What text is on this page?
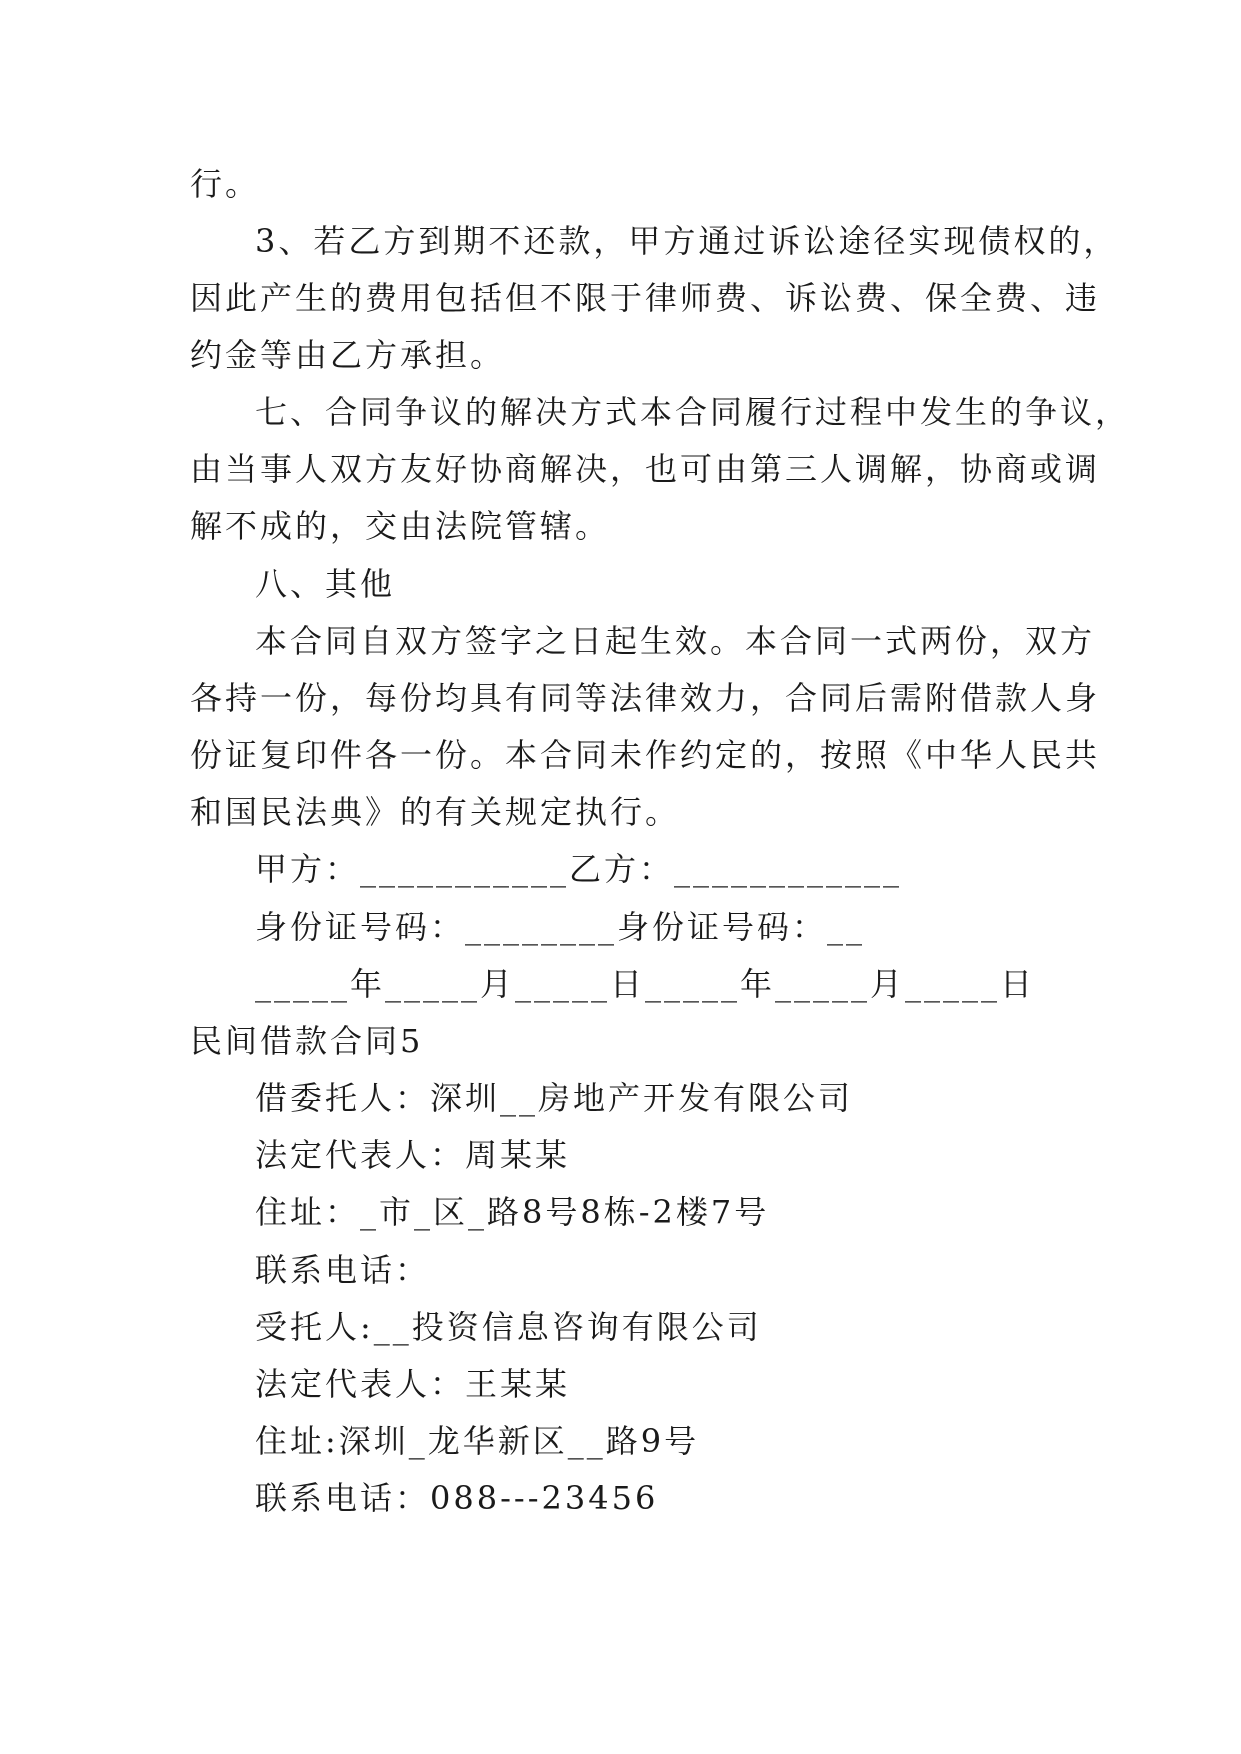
行。
3、若乙方到期不还款，甲方通过诉讼途径实现债权的，
因此产生的费用包括但不限于律师费、诉讼费、保全费、违
约金等由乙方承担。
七、合同争议的解决方式本合同履行过程中发生的争议，
由当事人双方友好协商解决，也可由第三人调解，协商或调
解不成的，交由法院管辖。
八、其他
本合同自双方签字之日起生效。本合同一式两份，双方
各持一份，每份均具有同等法律效力，合同后需附借款人身
份证复印件各一份。本合同未作约定的，按照《中华人民共
和国民法典》的有关规定执行。
甲方：___________乙方：____________
身份证号码：________身份证号码：__
_____年_____月_____日_____年_____月_____日
民间借款合同5
借委托人：深圳__房地产开发有限公司
法定代表人：周某某
住址：_市_区_路8号8栋-2楼7号
联系电话：
受托人:__投资信息咨询有限公司
法定代表人：王某某
住址:深圳_龙华新区__路9号
联系电话：088---23456
